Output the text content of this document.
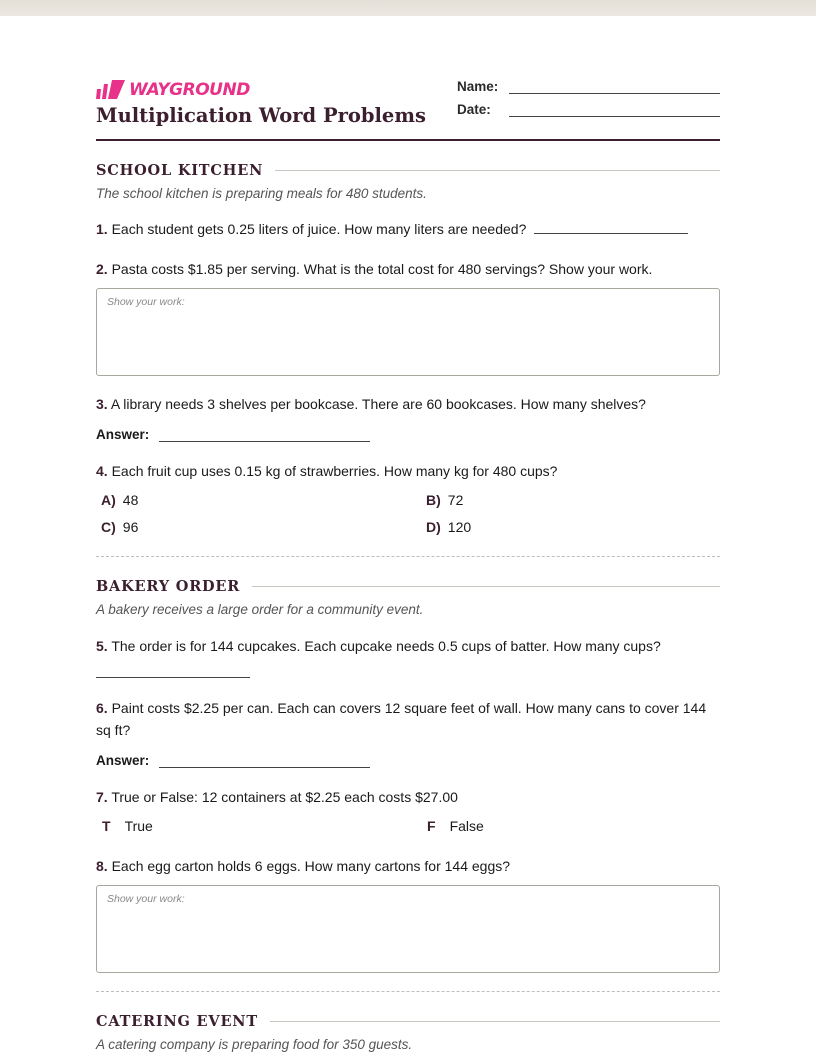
WAYGROUND
Multiplication Word Problems
Name:
Date:
SCHOOL KITCHEN
The school kitchen is preparing meals for 480 students.
1. Each student gets 0.25 liters of juice. How many liters are needed?
2. Pasta costs $1.85 per serving. What is the total cost for 480 servings? Show your work.
Show your work:
3. A library needs 3 shelves per bookcase. There are 60 bookcases. How many shelves?
Answer:
4. Each fruit cup uses 0.15 kg of strawberries. How many kg for 480 cups?
A) 48	B) 72
C) 96	D) 120
BAKERY ORDER
A bakery receives a large order for a community event.
5. The order is for 144 cupcakes. Each cupcake needs 0.5 cups of batter. How many cups?
6. Paint costs $2.25 per can. Each can covers 12 square feet of wall. How many cans to cover 144 sq ft?
Answer:
7. True or False: 12 containers at $2.25 each costs $27.00
T True	F False
8. Each egg carton holds 6 eggs. How many cartons for 144 eggs?
Show your work:
CATERING EVENT
A catering company is preparing food for 350 guests.
